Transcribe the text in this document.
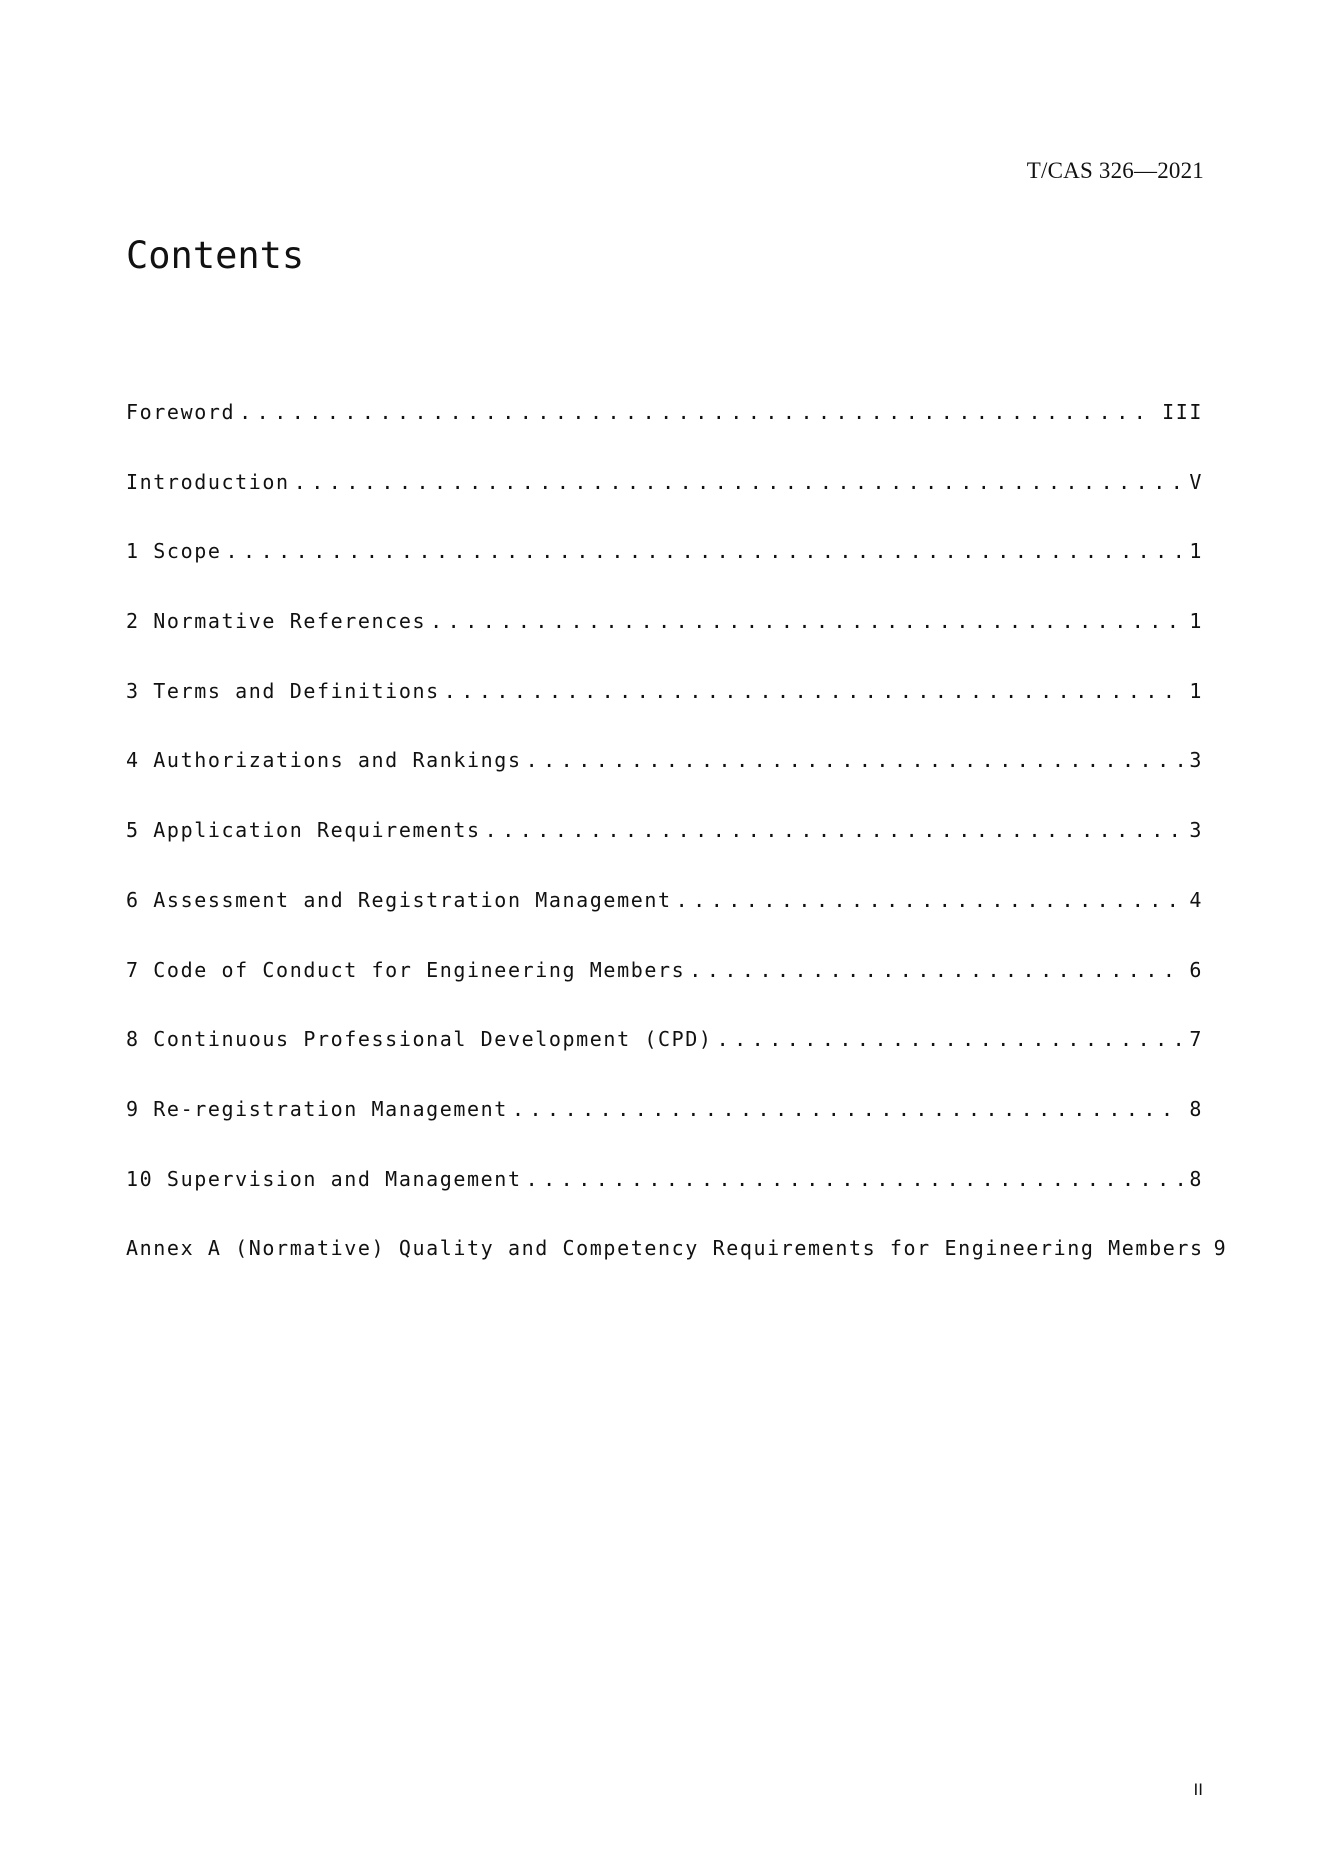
T/CAS 326—2021
Contents
Foreword .....	III
Introduction .....	V
1 Scope .....	1
2 Normative References .....	1
3 Terms and Definitions .....	1
4 Authorizations and Rankings .....	3
5 Application Requirements .....	3
6 Assessment and Registration Management .....	4
7 Code of Conduct for Engineering Members .....	6
8 Continuous Professional Development (CPD) .....	7
9 Re-registration Management .....	8
10 Supervision and Management .....	8
Annex A (Normative) Quality and Competency Requirements for Engineering Members 9
II
